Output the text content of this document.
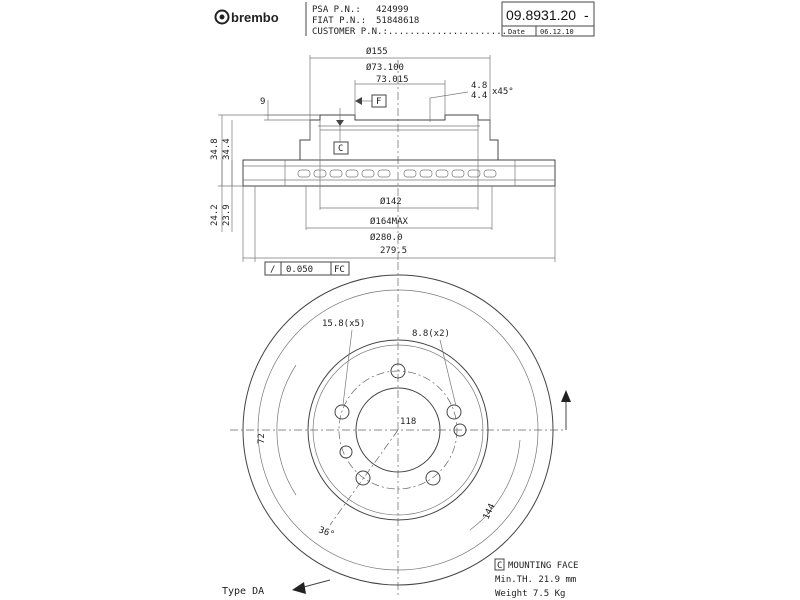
brembo	PSA P.N.: 424999
FIAT P.N.: 51848618
CUSTOMER P.N.:......................
09.8931.20 -
Date 06.12.10
Ø155
Ø73.100
73.015
4.8
4.4 x45°
9	F
C
34.8 34.4
24.2 23.9
Ø142
Ø164MAX
Ø280.0
279.5
/ 0.050 FC
15.8(x5)
8.8(x2)
118
72
144
36°
Type DA
C MOUNTING FACE
Min.TH. 21.9 mm
Weight 7.5 Kg
